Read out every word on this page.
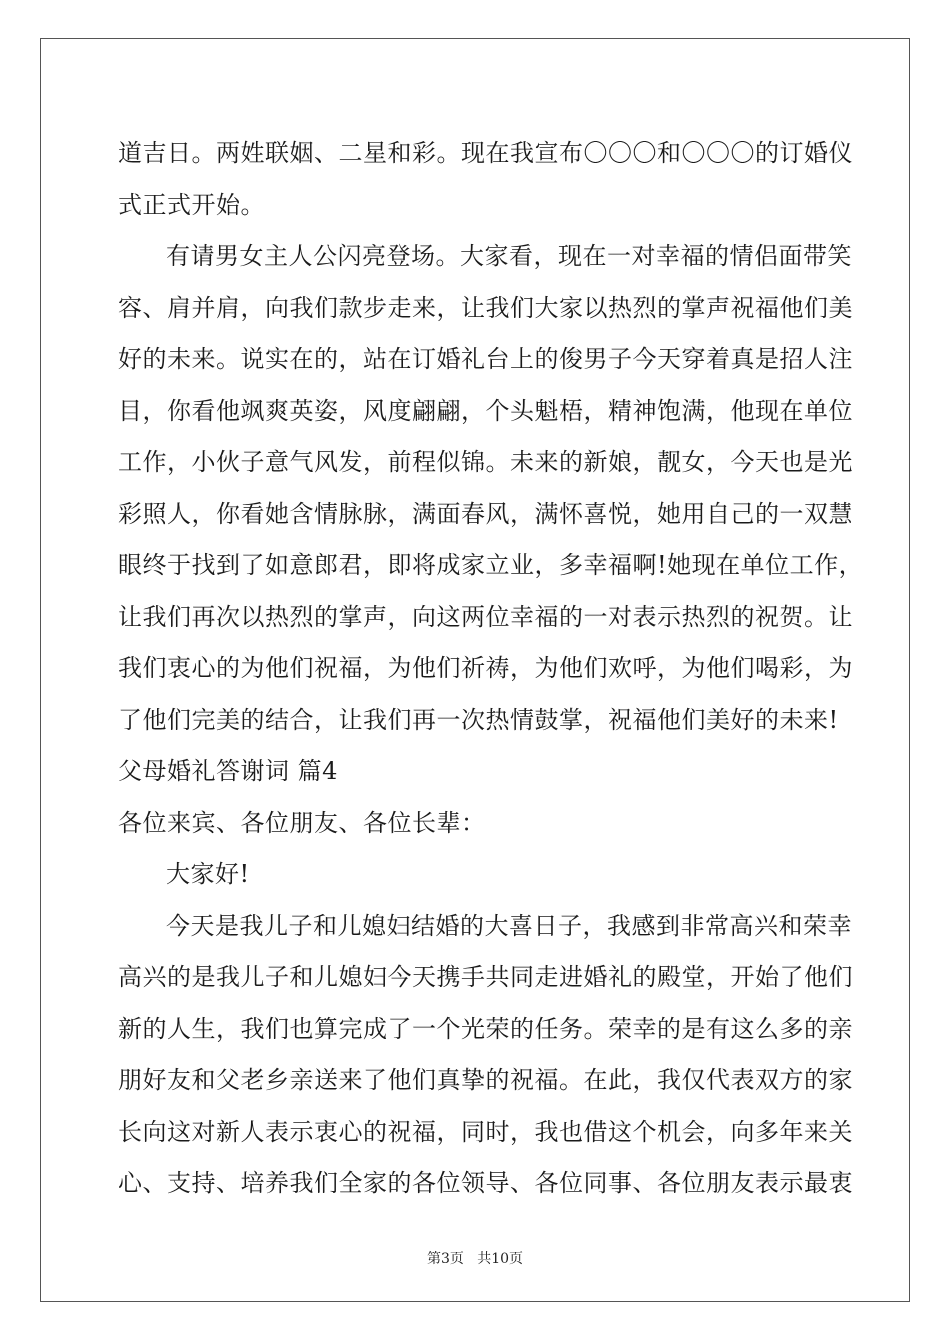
道吉日。两姓联姻、二星和彩。现在我宣布〇〇〇和〇〇〇的订婚仪
式正式开始。
有请男女主人公闪亮登场。大家看，现在一对幸福的情侣面带笑
容、肩并肩，向我们款步走来，让我们大家以热烈的掌声祝福他们美
好的未来。说实在的，站在订婚礼台上的俊男子今天穿着真是招人注
目，你看他飒爽英姿，风度翩翩，个头魁梧，精神饱满，他现在单位
工作，小伙子意气风发，前程似锦。未来的新娘，靓女，今天也是光
彩照人，你看她含情脉脉，满面春风，满怀喜悦，她用自己的一双慧
眼终于找到了如意郎君，即将成家立业，多幸福啊!她现在单位工作，
让我们再次以热烈的掌声，向这两位幸福的一对表示热烈的祝贺。让
我们衷心的为他们祝福，为他们祈祷，为他们欢呼，为他们喝彩，为
了他们完美的结合，让我们再一次热情鼓掌，祝福他们美好的未来!
父母婚礼答谢词 篇4
各位来宾、各位朋友、各位长辈：
大家好!
今天是我儿子和儿媳妇结婚的大喜日子，我感到非常高兴和荣幸
高兴的是我儿子和儿媳妇今天携手共同走进婚礼的殿堂，开始了他们
新的人生，我们也算完成了一个光荣的任务。荣幸的是有这么多的亲
朋好友和父老乡亲送来了他们真挚的祝福。在此，我仅代表双方的家
长向这对新人表示衷心的祝福，同时，我也借这个机会，向多年来关
心、支持、培养我们全家的各位领导、各位同事、各位朋友表示最衷
第3页   共10页
